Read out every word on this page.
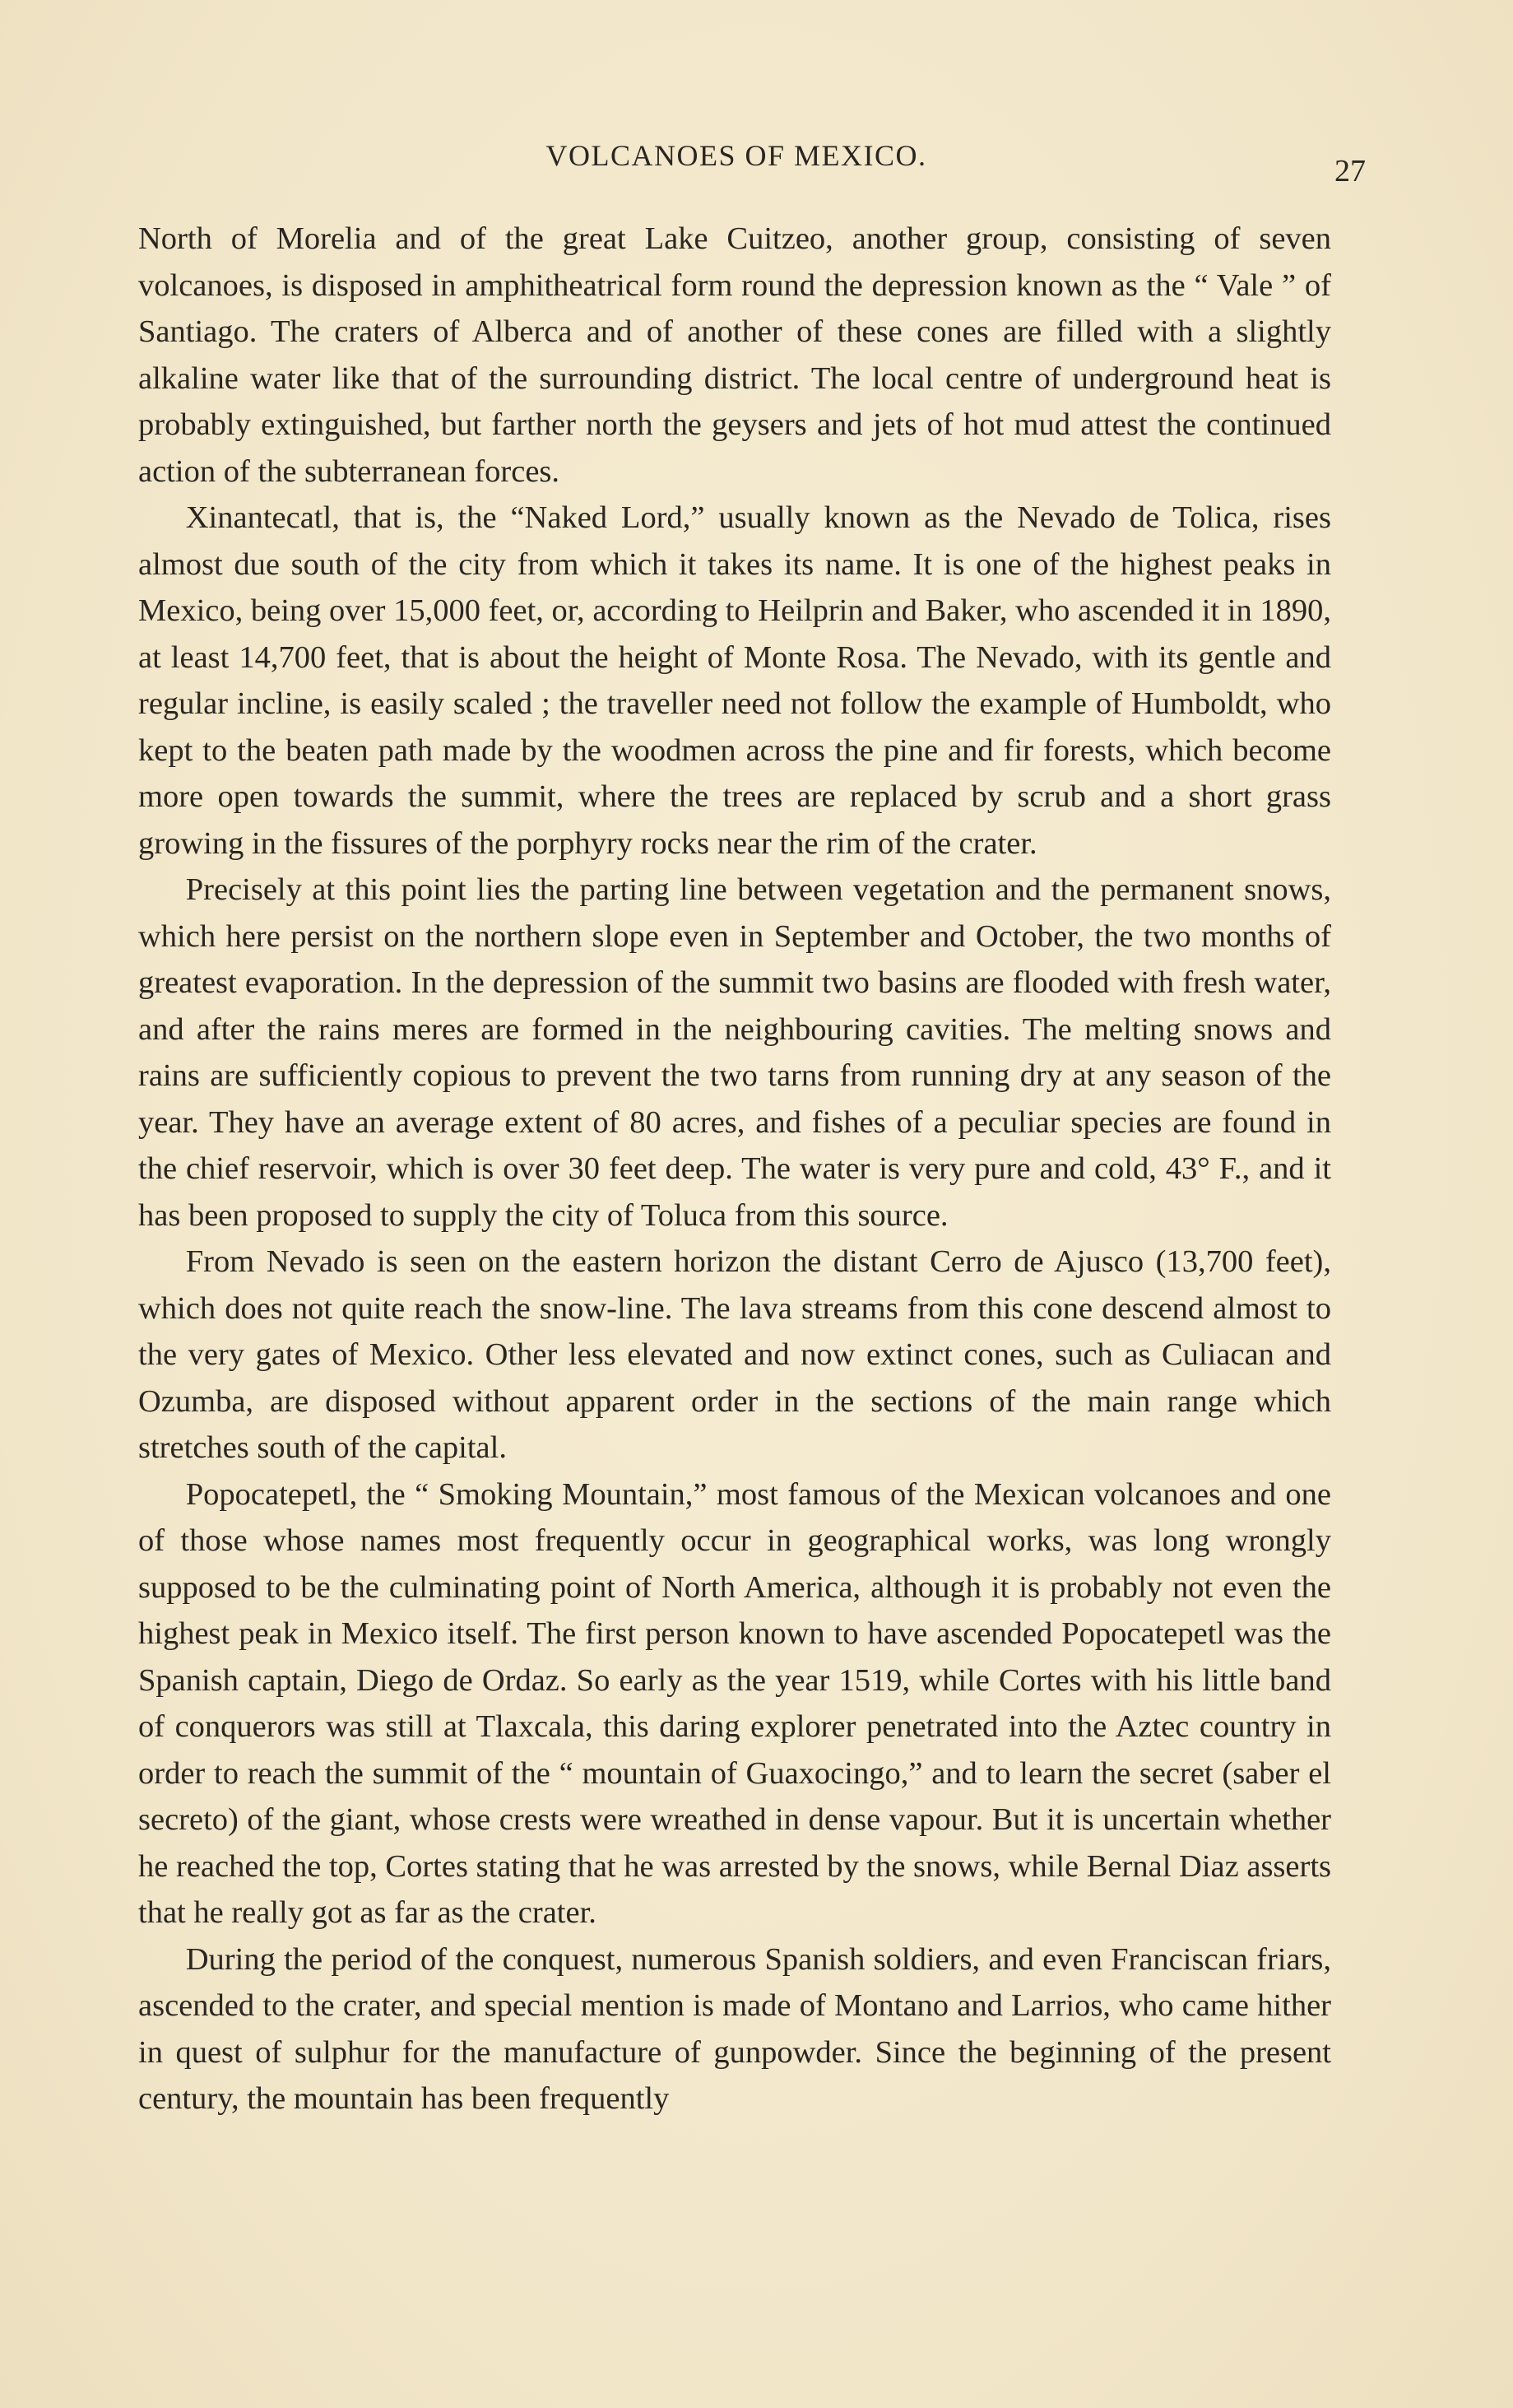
VOLCANOES OF MEXICO.	27

North of Morelia and of the great Lake Cuitzeo, another group, consisting of seven volcanoes, is disposed in amphitheatrical form round the depression known as the “ Vale ” of Santiago. The craters of Alberca and of another of these cones are filled with a slightly alkaline water like that of the surrounding district. The local centre of underground heat is probably extinguished, but farther north the geysers and jets of hot mud attest the continued action of the subterranean forces.

Xinantecatl, that is, the “Naked Lord,” usually known as the Nevado de Tolica, rises almost due south of the city from which it takes its name. It is one of the highest peaks in Mexico, being over 15,000 feet, or, according to Heilprin and Baker, who ascended it in 1890, at least 14,700 feet, that is about the height of Monte Rosa. The Nevado, with its gentle and regular incline, is easily scaled ; the traveller need not follow the example of Humboldt, who kept to the beaten path made by the woodmen across the pine and fir forests, which become more open towards the summit, where the trees are replaced by scrub and a short grass growing in the fissures of the porphyry rocks near the rim of the crater.

Precisely at this point lies the parting line between vegetation and the permanent snows, which here persist on the northern slope even in September and October, the two months of greatest evaporation. In the depression of the summit two basins are flooded with fresh water, and after the rains meres are formed in the neighbouring cavities. The melting snows and rains are sufficiently copious to prevent the two tarns from running dry at any season of the year. They have an average extent of 80 acres, and fishes of a peculiar species are found in the chief reservoir, which is over 30 feet deep. The water is very pure and cold, 43° F., and it has been proposed to supply the city of Toluca from this source.

From Nevado is seen on the eastern horizon the distant Cerro de Ajusco (13,700 feet), which does not quite reach the snow-line. The lava streams from this cone descend almost to the very gates of Mexico. Other less elevated and now extinct cones, such as Culiacan and Ozumba, are disposed without apparent order in the sections of the main range which stretches south of the capital.

Popocatepetl, the “ Smoking Mountain,” most famous of the Mexican volcanoes and one of those whose names most frequently occur in geographical works, was long wrongly supposed to be the culminating point of North America, although it is probably not even the highest peak in Mexico itself. The first person known to have ascended Popocatepetl was the Spanish captain, Diego de Ordaz. So early as the year 1519, while Cortes with his little band of conquerors was still at Tlaxcala, this daring explorer penetrated into the Aztec country in order to reach the summit of the “ mountain of Guaxocingo,” and to learn the secret (saber el secreto) of the giant, whose crests were wreathed in dense vapour. But it is uncertain whether he reached the top, Cortes stating that he was arrested by the snows, while Bernal Diaz asserts that he really got as far as the crater.

During the period of the conquest, numerous Spanish soldiers, and even Franciscan friars, ascended to the crater, and special mention is made of Montano and Larrios, who came hither in quest of sulphur for the manufacture of gunpowder. Since the beginning of the present century, the mountain has been frequently
